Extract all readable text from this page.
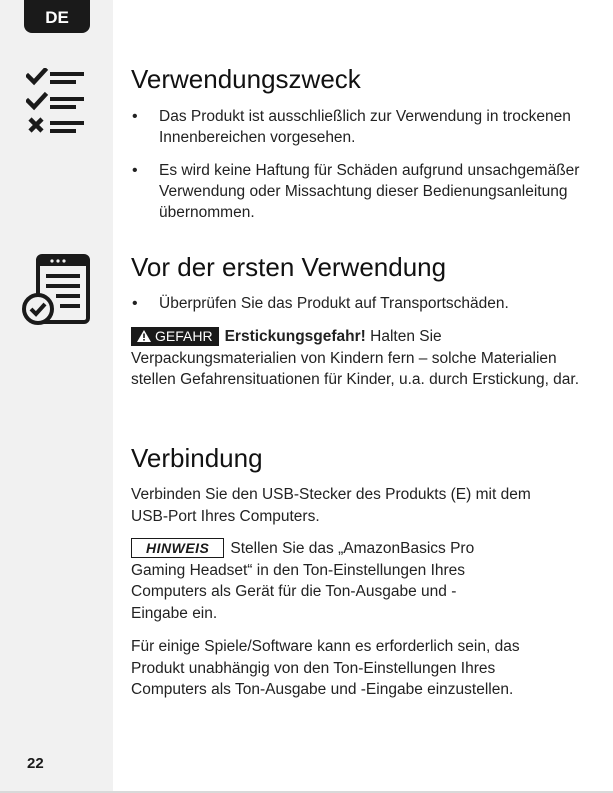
DE
22
Verwendungszweck
• Das Produkt ist ausschließlich zur Verwendung in trockenen Innenbereichen vorgesehen.
• Es wird keine Haftung für Schäden aufgrund unsachgemäßer Verwendung oder Missachtung dieser Bedienungsanleitung übernommen.
Vor der ersten Verwendung
• Überprüfen Sie das Produkt auf Transportschäden.

GEFAHR Erstickungsgefahr! Halten Sie Verpackungsmaterialien von Kindern fern – solche Materialien stellen Gefahrensituationen für Kinder, u.a. durch Erstickung, dar.

Verbindung

Verbinden Sie den USB-Stecker des Produkts (E) mit dem USB-Port Ihres Computers.

HINWEIS Stellen Sie das „AmazonBasics Pro Gaming Headset“ in den Ton-Einstellungen Ihres Computers als Gerät für die Ton-Ausgabe und -Eingabe ein.

Für einige Spiele/Software kann es erforderlich sein, das Produkt unabhängig von den Ton-Einstellungen Ihres Computers als Ton-Ausgabe und -Eingabe einzustellen.
